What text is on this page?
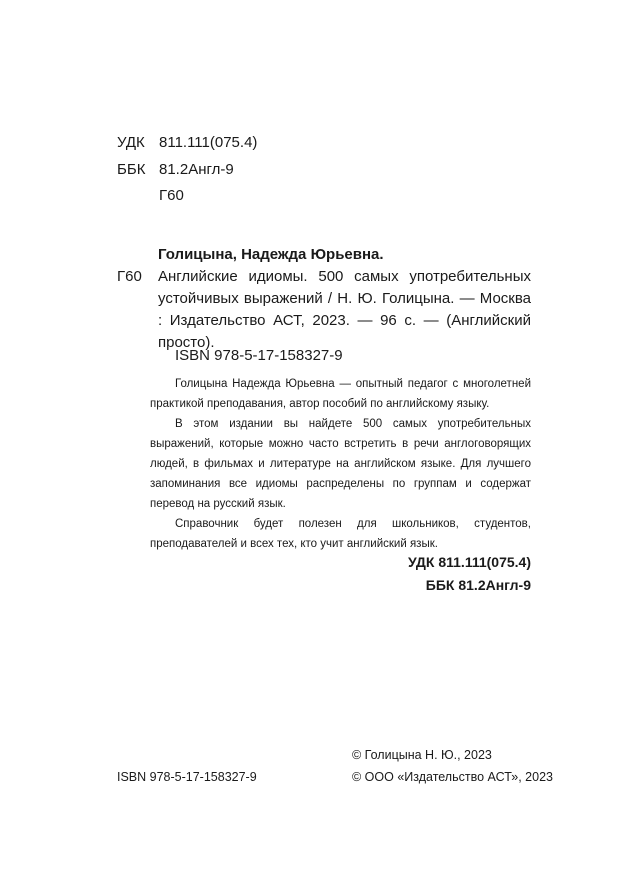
УДК 811.111(075.4)
ББК 81.2Англ-9
Г60
Голицына, Надежда Юрьевна.
Г60 Английские идиомы. 500 самых употребительных устойчивых выражений / Н. Ю. Голицына. — Москва : Издательство АСТ, 2023. — 96 с. — (Английский просто).

ISBN 978-5-17-158327-9

Голицына Надежда Юрьевна — опытный педагог с многолетней практикой преподавания, автор пособий по английскому языку.

В этом издании вы найдете 500 самых употребительных выражений, которые можно часто встретить в речи англоговорящих людей, в фильмах и литературе на английском языке. Для лучшего запоминания все идиомы распределены по группам и содержат перевод на русский язык.

Справочник будет полезен для школьников, студентов, преподавателей и всех тех, кто учит английский язык.

УДК 811.111(075.4)
ББК 81.2Англ-9
© Голицына Н. Ю., 2023
© ООО «Издательство АСТ», 2023
ISBN 978-5-17-158327-9
